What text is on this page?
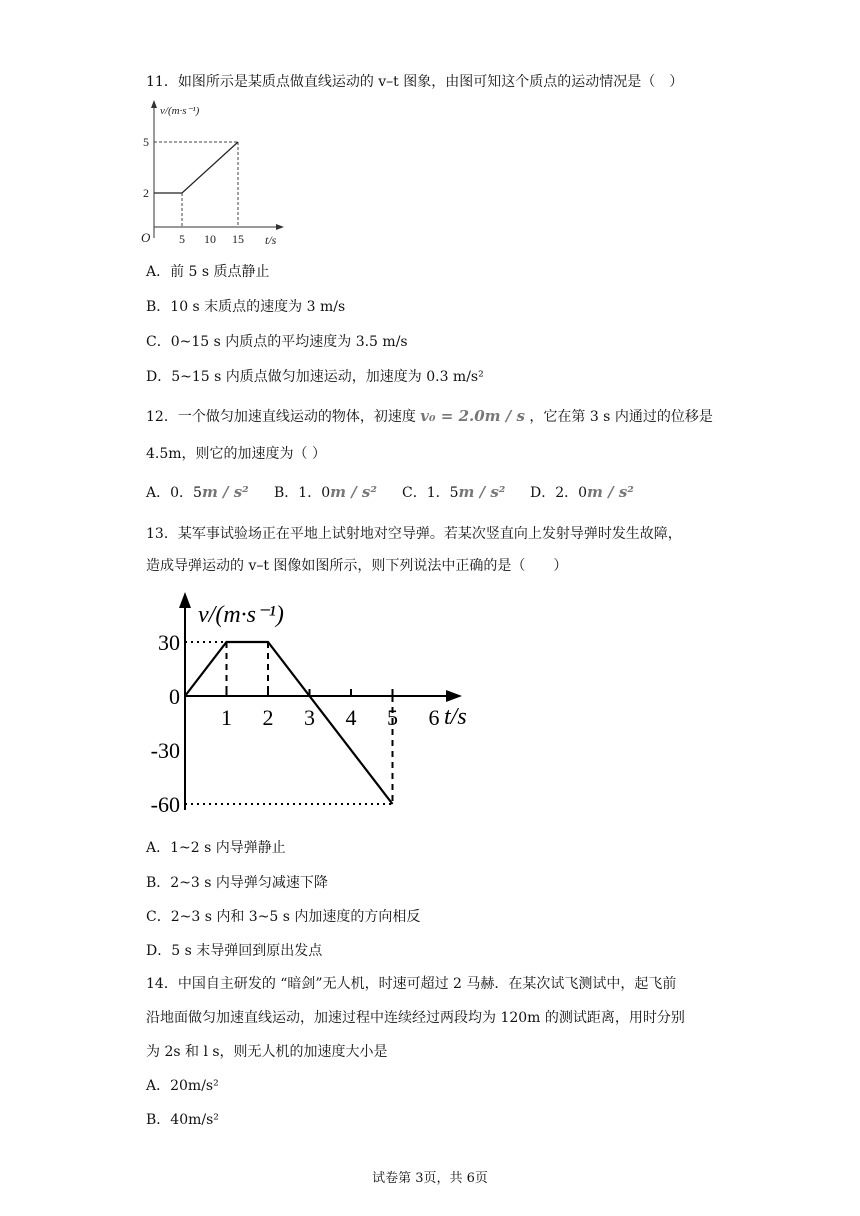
11．如图所示是某质点做直线运动的 v–t 图象，由图可知这个质点的运动情况是（　）
v/(m·s⁻¹)
t/s
O 5 10 15
2
5
A．前 5 s 质点静止
B．10 s 末质点的速度为 3 m/s
C．0~15 s 内质点的平均速度为 3.5 m/s
D．5~15 s 内质点做匀加速运动，加速度为 0.3 m/s²
12．一个做匀加速直线运动的物体，初速度 v₀ = 2.0m / s ，它在第 3 s 内通过的位移是
4.5m，则它的加速度为（ ）
A．0．5m / s² B．1．0m / s² C．1．5m / s² D．2．0m / s²
13．某军事试验场正在平地上试射地对空导弹。若某次竖直向上发射导弹时发生故障，
造成导弹运动的 v–t 图像如图所示，则下列说法中正确的是（　　）
v/(m·s⁻¹)
t/s
1 2 3 4 5 6
30
0
-30
-60
A．1~2 s 内导弹静止
B．2~3 s 内导弹匀减速下降
C．2~3 s 内和 3~5 s 内加速度的方向相反
D．5 s 末导弹回到原出发点
14．中国自主研发的 “暗剑”无人机，时速可超过 2 马赫．在某次试飞测试中，起飞前
沿地面做匀加速直线运动，加速过程中连续经过两段均为 120m 的测试距离，用时分别
为 2s 和 l s，则无人机的加速度大小是
A．20m/s²
B．40m/s²
试卷第 3页，共 6页
